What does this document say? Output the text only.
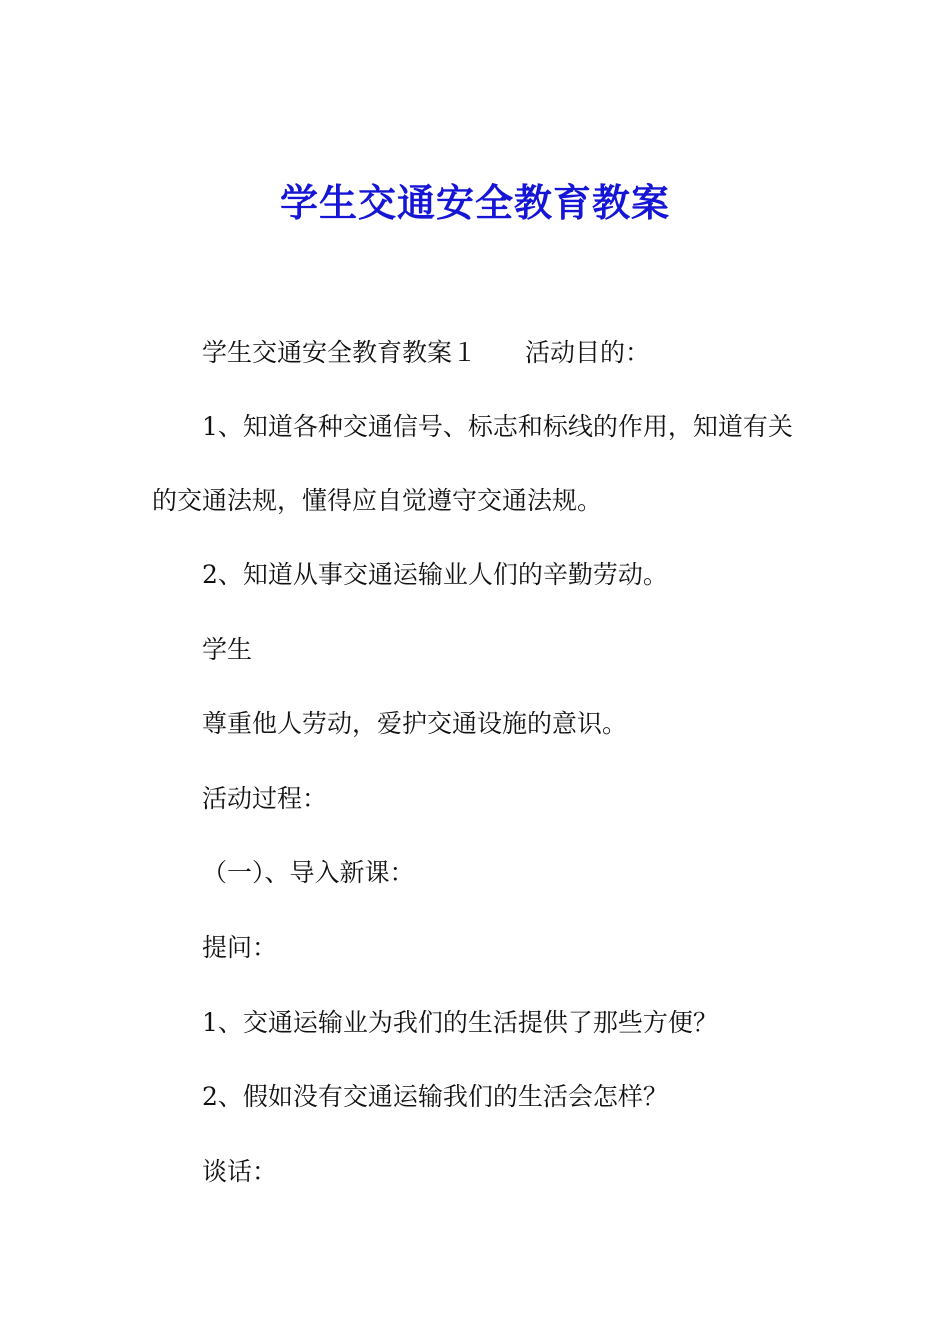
学生交通安全教育教案

学生交通安全教育教案１ 活动目的：

1、知道各种交通信号、标志和标线的作用，知道有关

的交通法规，懂得应自觉遵守交通法规。

2、知道从事交通运输业人们的辛勤劳动。

学生

尊重他人劳动，爱护交通设施的意识。

活动过程：

（一）、导入新课：

提问：

1、交通运输业为我们的生活提供了那些方便？

2、假如没有交通运输我们的生活会怎样？

谈话：
